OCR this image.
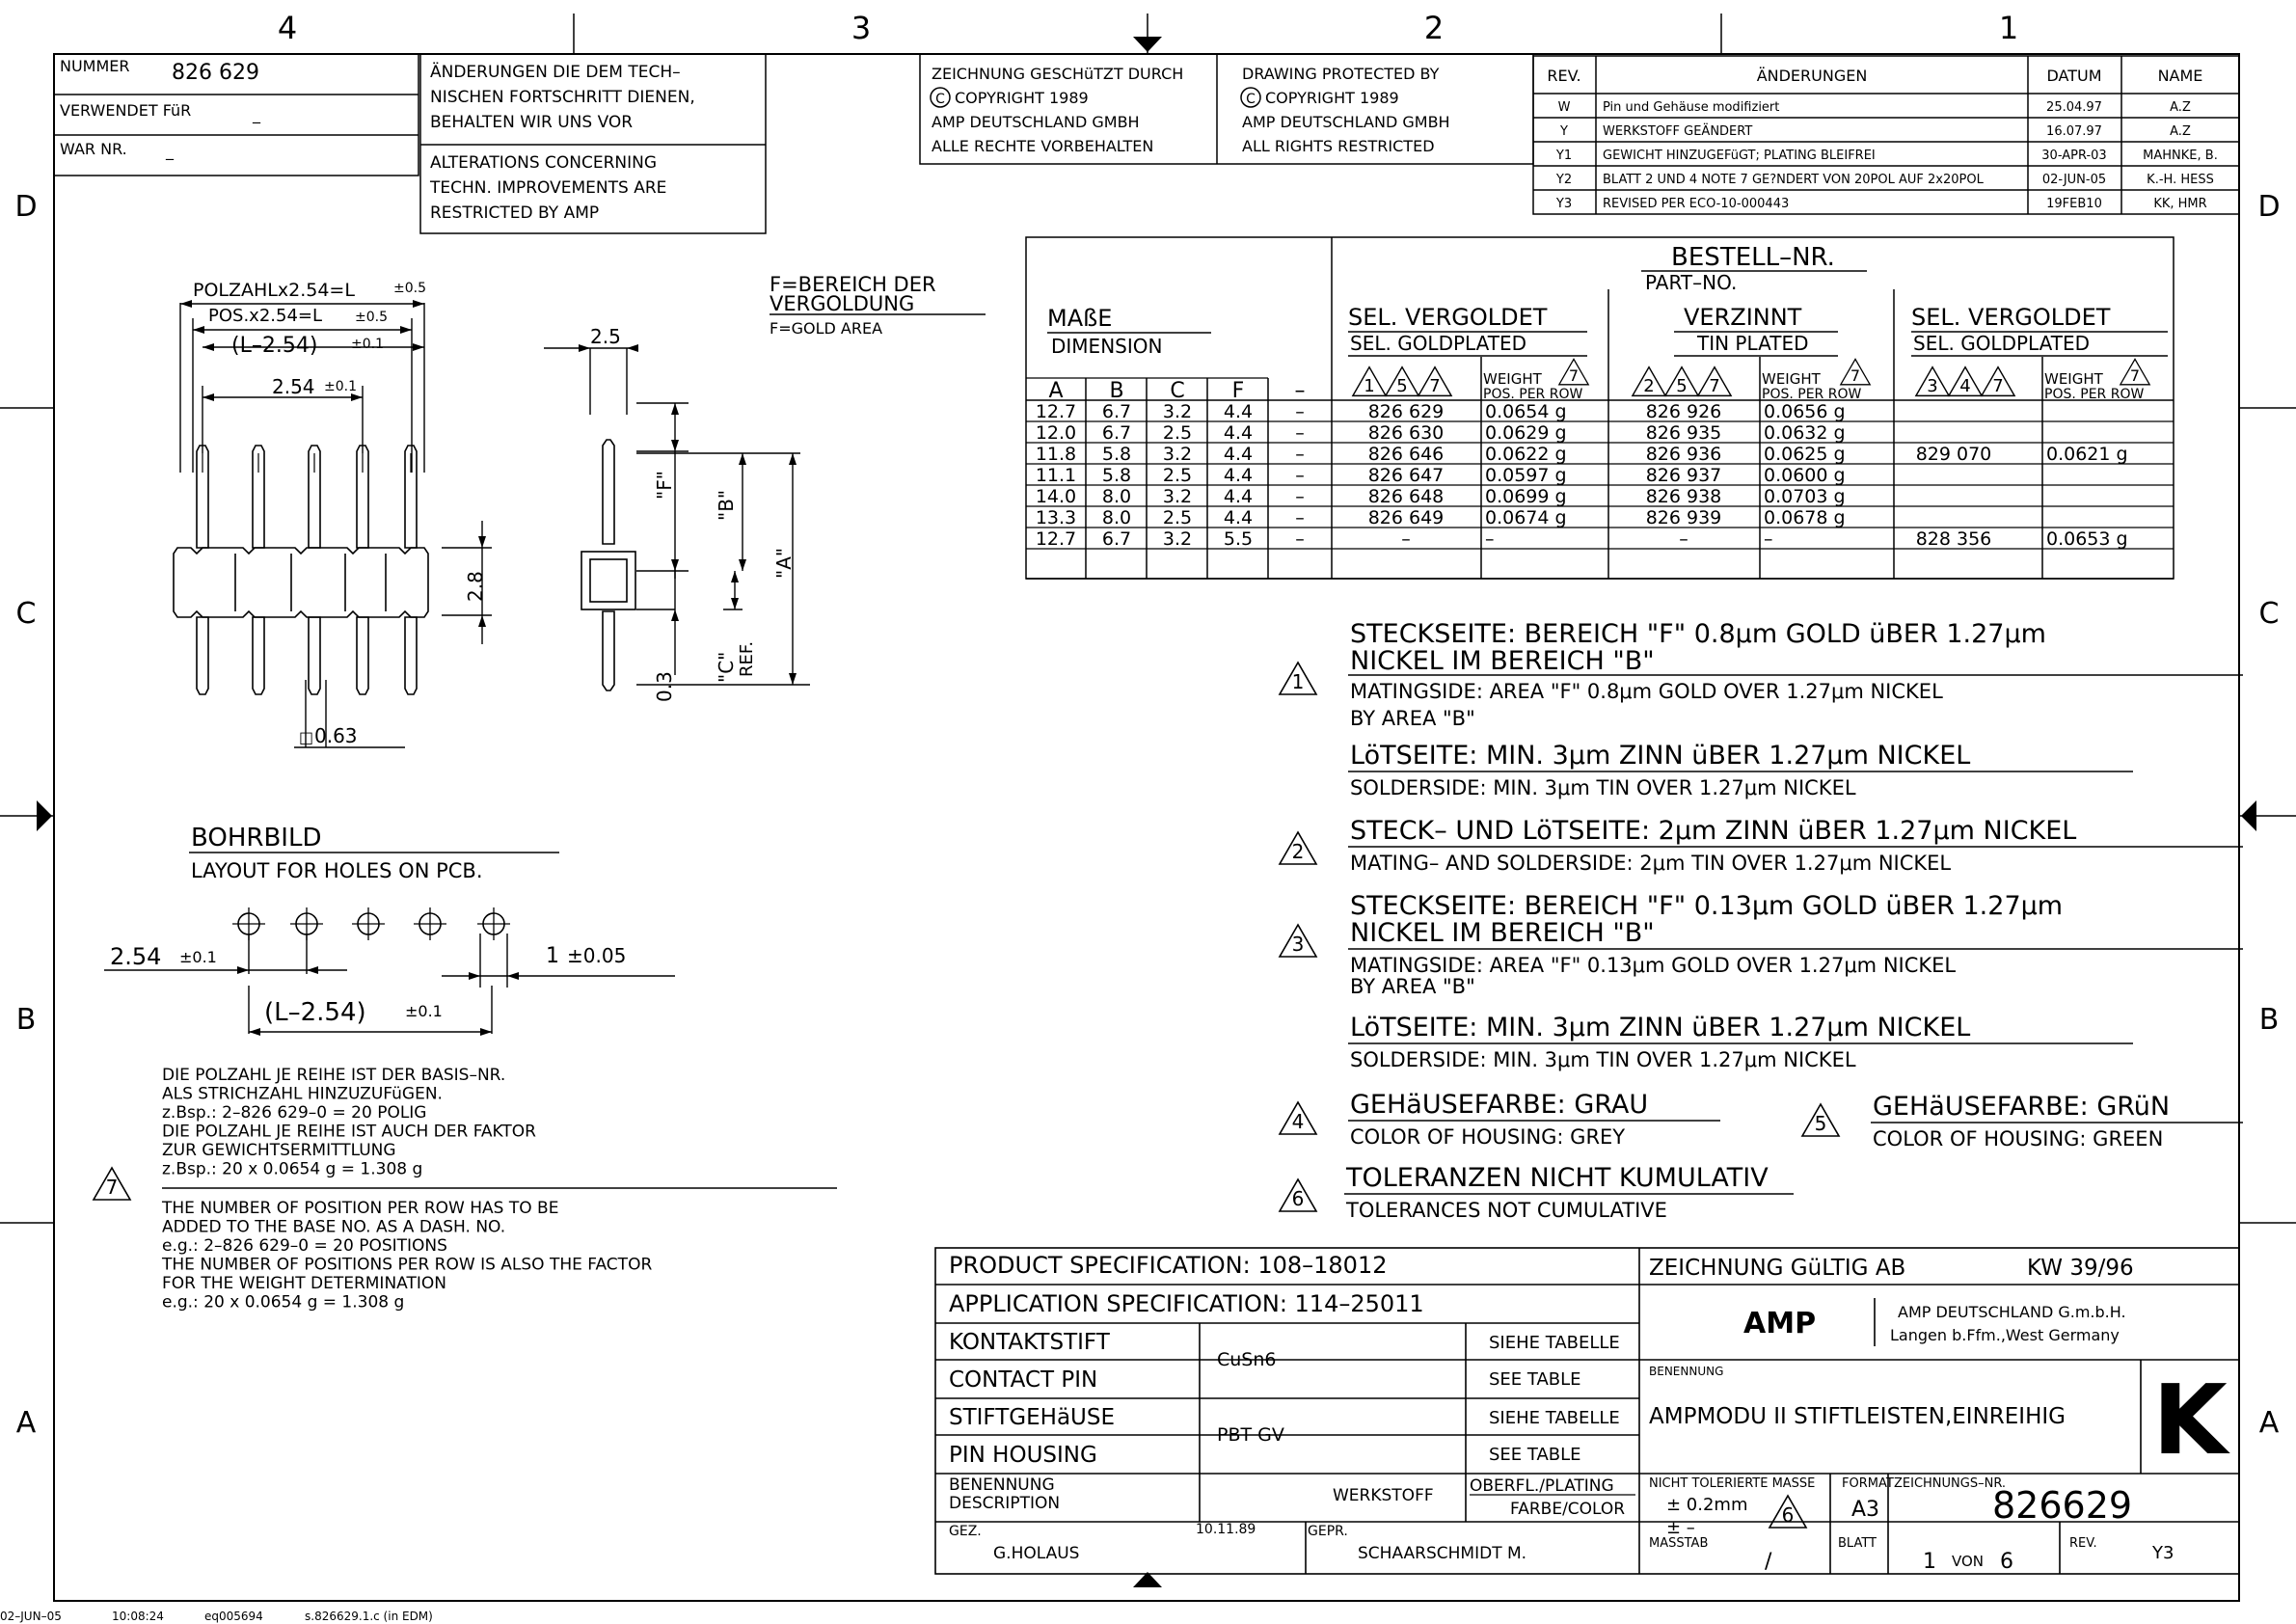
4	3	2	1
D
C
B
A
D
C
B
A
NUMMER 826 629
VERWENDET FüR	_
WAR NR.	_
ÄNDERUNGEN DIE DEM TECH–
NISCHEN FORTSCHRITT DIENEN,
BEHALTEN WIR UNS VOR
ALTERATIONS CONCERNING
TECHN. IMPROVEMENTS ARE
RESTRICTED BY AMP
ZEICHNUNG GESCHüTZT DURCH
C COPYRIGHT 1989
AMP DEUTSCHLAND GMBH
ALLE RECHTE VORBEHALTEN
DRAWING PROTECTED BY
C COPYRIGHT 1989
AMP DEUTSCHLAND GMBH
ALL RIGHTS RESTRICTED
REV.	ÄNDERUNGEN	DATUM	NAME
W	Pin und Gehäuse modifiziert	25.04.97	A.Z
Y	WERKSTOFF GEÄNDERT	16.07.97	A.Z
Y1 GEWICHT HINZUGEFüGT; PLATING BLEIFREI	30-APR-03	MAHNKE, B.
Y2 BLATT 2 UND 4 NOTE 7 GE?NDERT VON 20POL AUF 2x20POL	02-JUN-05	K.-H. HESS
Y3 REVISED PER ECO-10-000443	19FEB10	KK, HMR
POLZAHLx2.54=L	±0.5
POS.x2.54=L ±0.5
(L–2.54) ±0.1
2.54 ±0.1
0.63
□
2.8
2.5
"F"
"B"
"A"
"C" REF.
0.3
F=BEREICH DER
VERGOLDUNG
F=GOLD AREA
BESTELL–NR.
PART–NO.
MAßE
DIMENSION
SEL. VERGOLDET
SEL. GOLDPLATED
VERZINNT
TIN PLATED
SEL. VERGOLDET
SEL. GOLDPLATED
1 5 7	2 5 7	3 4 7
WEIGHT 7
POS. PER ROW
WEIGHT 7
POS. PER ROW
WEIGHT 7
POS. PER ROW
A B C F –
12.7 6.7 3.2 4.4 –	826 629 0.0654 g	826 926 0.0656 g
12.0 6.7 2.5 4.4 –	826 630 0.0629 g	826 935 0.0632 g
11.8 5.8 3.2 4.4 –	826 646 0.0622 g	826 936 0.0625 g	829 070	0.0621 g
11.1 5.8 2.5 4.4 –	826 647 0.0597 g	826 937 0.0600 g
14.0 8.0 3.2 4.4 –	826 648 0.0699 g	826 938 0.0703 g
13.3 8.0 2.5 4.4 –	826 649 0.0674 g	826 939 0.0678 g
12.7 6.7 3.2 5.5 –	–	–	–	–	828 356	0.0653 g
BOHRBILD
LAYOUT FOR HOLES ON PCB.
2.54 ±0.1	1 ±0.05
(L–2.54)	±0.1
DIE POLZAHL JE REIHE IST DER BASIS–NR.
ALS STRICHZAHL HINZUZUFüGEN.
z.Bsp.: 2–826 629–0 = 20 POLIG
DIE POLZAHL JE REIHE IST AUCH DER FAKTOR
ZUR GEWICHTSERMITTLUNG
z.Bsp.: 20 x 0.0654 g = 1.308 g
THE NUMBER OF POSITION PER ROW HAS TO BE
ADDED TO THE BASE NO. AS A DASH. NO.
e.g.: 2–826 629–0 = 20 POSITIONS
THE NUMBER OF POSITIONS PER ROW IS ALSO THE FACTOR
FOR THE WEIGHT DETERMINATION
e.g.: 20 x 0.0654 g = 1.308 g
7
1
STECKSEITE: BEREICH "F" 0.8μm GOLD üBER 1.27μm
NICKEL IM BEREICH "B"
MATINGSIDE: AREA "F" 0.8μm GOLD OVER 1.27μm NICKEL
BY AREA "B"
LöTSEITE: MIN. 3μm ZINN üBER 1.27μm NICKEL
SOLDERSIDE: MIN. 3μm TIN OVER 1.27μm NICKEL
2
STECK– UND LöTSEITE: 2μm ZINN üBER 1.27μm NICKEL
MATING– AND SOLDERSIDE: 2μm TIN OVER 1.27μm NICKEL
3
STECKSEITE: BEREICH "F" 0.13μm GOLD üBER 1.27μm
NICKEL IM BEREICH "B"
MATINGSIDE: AREA "F" 0.13μm GOLD OVER 1.27μm NICKEL
BY AREA "B"
LöTSEITE: MIN. 3μm ZINN üBER 1.27μm NICKEL
SOLDERSIDE: MIN. 3μm TIN OVER 1.27μm NICKEL
4
GEHäUSEFARBE: GRAU
COLOR OF HOUSING: GREY
5
GEHäUSEFARBE: GRüN
COLOR OF HOUSING: GREEN
6
TOLERANZEN NICHT KUMULATIV
TOLERANCES NOT CUMULATIVE
PRODUCT SPECIFICATION: 108–18012
APPLICATION SPECIFICATION: 114–25011
KONTAKTSTIFT
CONTACT PIN
STIFTGEHäUSE
PIN HOUSING
CuSn6
PBT GV
SIEHE TABELLE
SEE TABLE
SIEHE TABELLE
SEE TABLE
BENENNUNG
DESCRIPTION	WERKSTOFF OBERFL./PLATING
FARBE/COLOR
GEZ.
G.HOLAUS
10.11.89	GEPR.
SCHAARSCHMIDT M.
ZEICHNUNG GüLTIG AB	KW 39/96
AMP	AMP DEUTSCHLAND G.m.b.H.
Langen b.Ffm.,West Germany
BENENNUNG
AMPMODU II STIFTLEISTEN,EINREIHIG K
NICHT TOLERIERTE MASSE
± 0.2mm
± –
6
FORMAT
A3
ZEICHNUNGS–NR.
826629
MASSTAB
/
BLATT
1 VON 6
REV.	Y3
02–JUN–05	10:08:24	eq005694	s.826629.1.c (in EDM)
